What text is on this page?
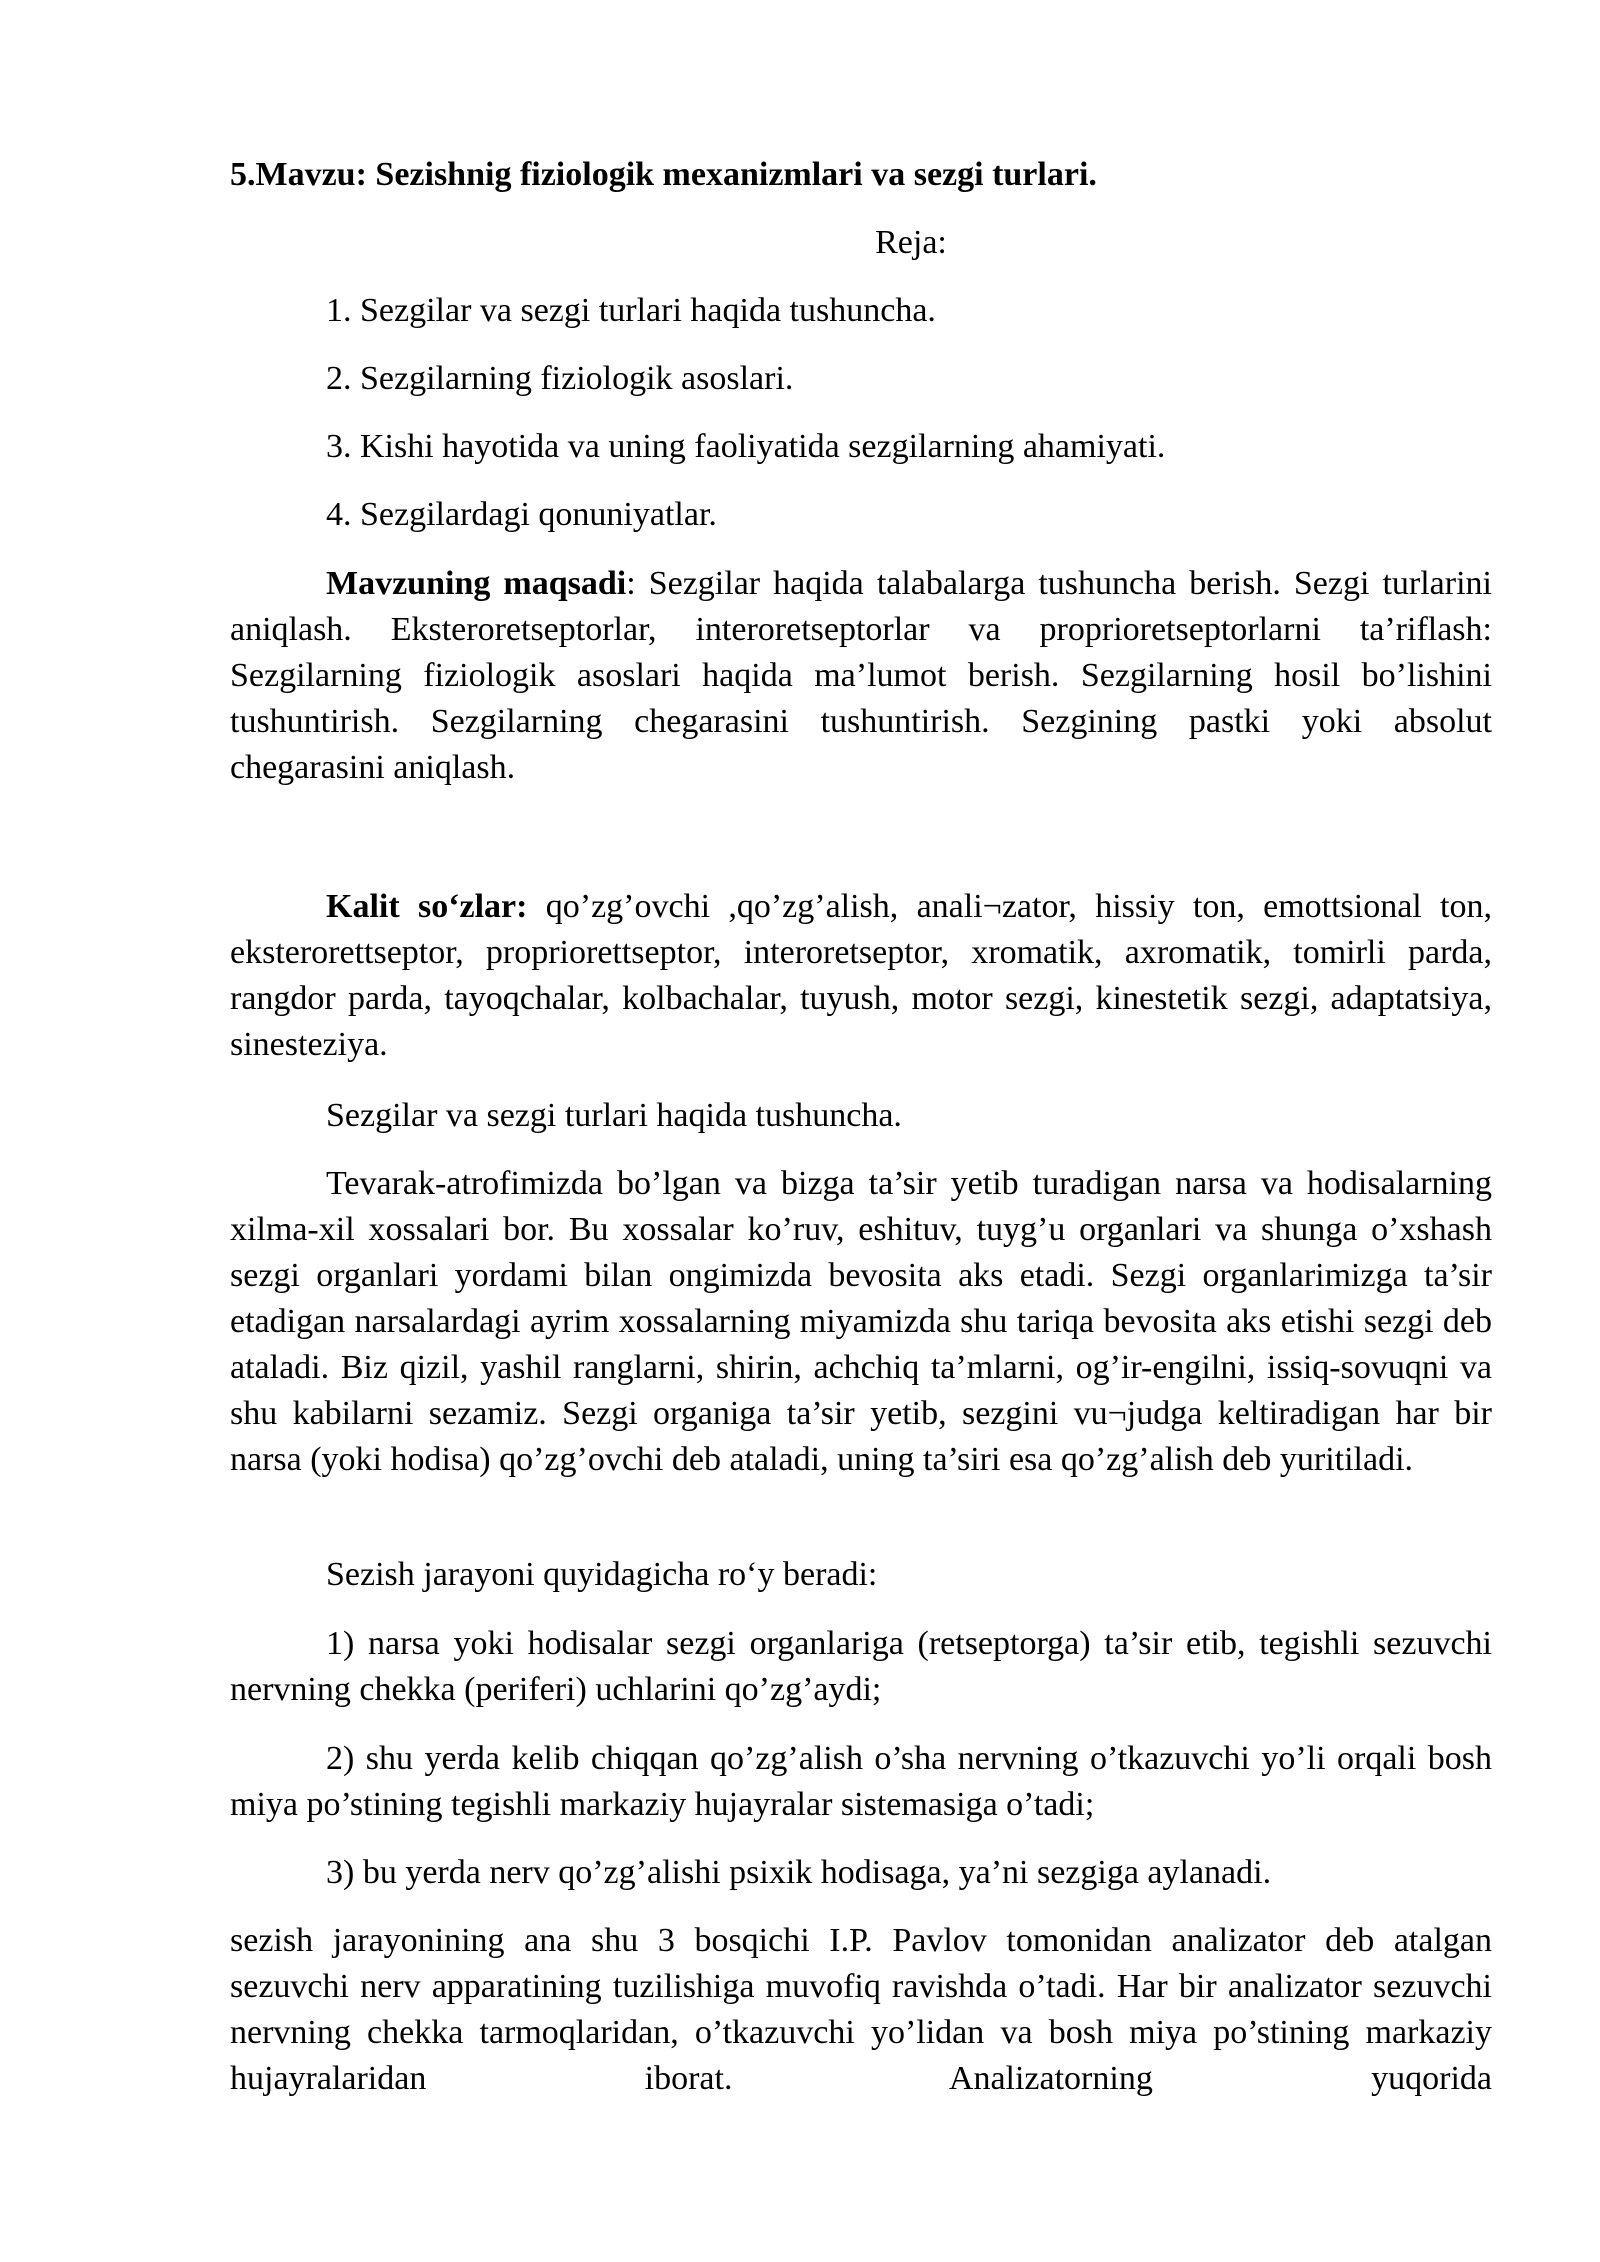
5.Mavzu: Sezishnig fiziologik mexanizmlari va sezgi turlari.
Reja:
1. Sezgilar va sezgi turlari haqida tushuncha.
2. Sezgilarning fiziologik asoslari.
3. Kishi hayotida va uning faoliyatida sezgilarning ahamiyati.
4. Sezgilardagi qonuniyatlar.
Mavzuning maqsadi: Sezgilar haqida talabalarga tushuncha berish. Sezgi turlarini aniqlash. Eksteroretseptorlar, interoretseptorlar va proprioretseptorlarni ta’riflash: Sezgilarning fiziologik asoslari haqida ma’lumot berish. Sezgilarning hosil bo’lishini tushuntirish. Sezgilarning chegarasini tushuntirish. Sezgining pastki yoki absolut chegarasini aniqlash.
Kalit so‘zlar: qo’zg’ovchi ,qo’zg’alish, anali¬zator, hissiy ton, emottsional ton, eksterorettseptor, propriorettseptor, interoretseptor, xromatik, axromatik, tomirli parda, rangdor parda, tayoqchalar, kolbachalar, tuyush, motor sezgi, kinestetik sezgi, adaptatsiya, sinesteziya.
Sezgilar va sezgi turlari haqida tushuncha.
Tevarak-atrofimizda bo’lgan va bizga ta’sir yetib turadigan narsa va hodisalarning xilma-xil xossalari bor. Bu xossalar ko’ruv, eshituv, tuyg’u organlari va shunga o’xshash sezgi organlari yordami bilan ongimizda bevosita aks etadi. Sezgi organlarimizga ta’sir etadigan narsalardagi ayrim xossalarning miyamizda shu tariqa bevosita aks etishi sezgi deb ataladi. Biz qizil, yashil ranglarni, shirin, achchiq ta’mlarni, og’ir-engilni, issiq-sovuqni va shu kabilarni sezamiz. Sezgi organiga ta’sir yetib, sezgini vu¬judga keltiradigan har bir narsa (yoki hodisa) qo’zg’ovchi deb ataladi, uning ta’siri esa qo’zg’alish deb yuritiladi.
Sezish jarayoni quyidagicha ro‘y beradi:
1) narsa yoki hodisalar sezgi organlariga (retseptorga) ta’sir etib, tegishli sezuvchi nervning chekka (periferi) uchlarini qo’zg’aydi;
2) shu yerda kelib chiqqan qo’zg’alish o’sha nervning o’tkazuvchi yo’li orqali bosh miya po’stining tegishli markaziy hujayralar sistemasiga o’tadi;
3) bu yerda nerv qo’zg’alishi psixik hodisaga, ya’ni sezgiga aylanadi.
sezish jarayonining ana shu 3 bosqichi I.P. Pavlov tomonidan analizator deb atalgan sezuvchi nerv apparatining tuzilishiga muvofiq ravishda o’tadi. Har bir analizator sezuvchi nervning chekka tarmoqlaridan, o’tkazuvchi yo’lidan va bosh miya po’stining markaziy hujayralaridan iborat. Analizatorning yuqorida
